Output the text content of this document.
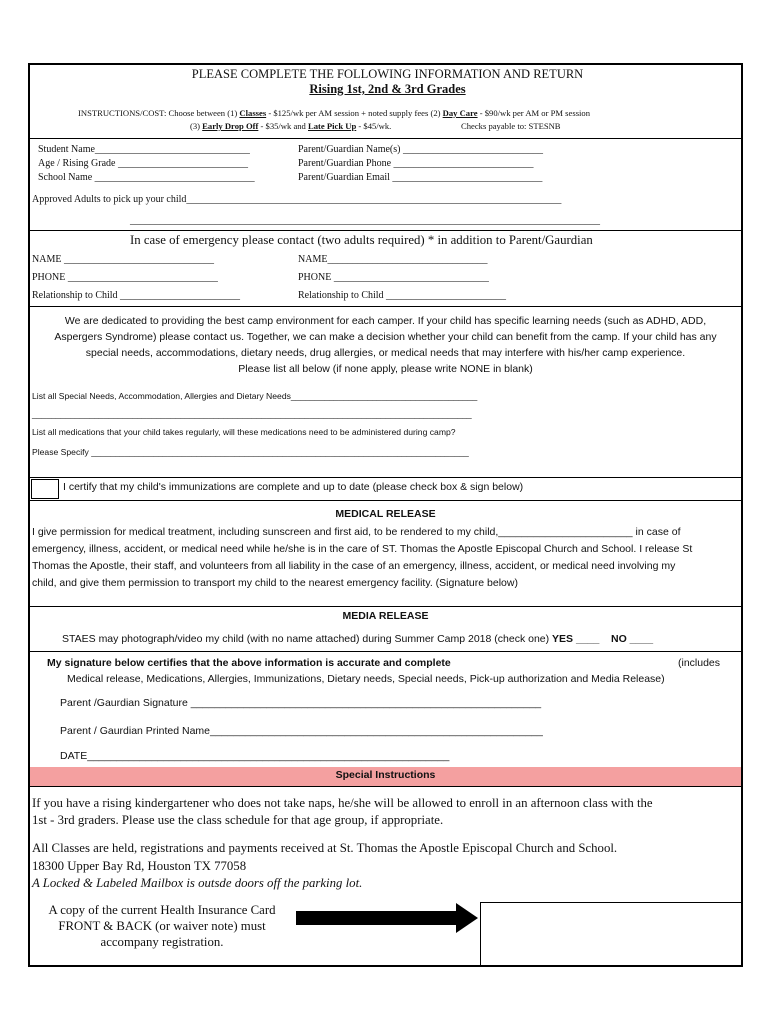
PLEASE COMPLETE THE FOLLOWING INFORMATION AND RETURN
Rising 1st, 2nd & 3rd Grades
INSTRUCTIONS/COST: Choose between (1) Classes - $125/wk per AM session + noted supply fees (2) Day Care - $90/wk per AM or PM session
(3) Early Drop Off - $35/wk and Late Pick Up - $45/wk.	Checks payable to: STESNB
Student Name_______________________________
Age / Rising Grade __________________________
School Name ________________________________
Parent/Guardian Name(s) ____________________________
Parent/Guardian Phone ____________________________
Parent/Guardian Email ______________________________
Approved Adults to pick up your child___________________________________________________________________________
______________________________________________________________________________________________
In case of emergency please contact (two adults required) * in addition to Parent/Gaurdian
NAME ______________________________
PHONE ______________________________
Relationship to Child ________________________
NAME________________________________
PHONE _______________________________
Relationship to Child ________________________
We are dedicated to providing the best camp environment for each camper. If your child has specific learning needs (such as ADHD, ADD,
Aspergers Syndrome) please contact us. Together, we can make a decision whether your child can benefit from the camp. If your child has any
special needs, accommodations, dietary needs, drug allergies, or medical needs that may interfere with his/her camp experience.
Please list all below (if none apply, please write NONE in blank)
List all Special Needs, Accommodation, Allergies and Dietary Needs_______________________________________
____________________________________________________________________________________________
List all medications that your child takes regularly, will these medications need to be administered during camp?
Please Specify _______________________________________________________________________________
I certify that my child's immunizations are complete and up to date (please check box & sign below)
MEDICAL RELEASE
I give permission for medical treatment, including sunscreen and first aid, to be rendered to my child,_______________________ in case of
emergency, illness, accident, or medical need while he/she is in the care of ST. Thomas the Apostle Episcopal Church and School. I release St
Thomas the Apostle, their staff, and volunteers from all liability in the case of an emergency, illness, accident, or medical need involving my
child, and give them permission to transport my child to the nearest emergency facility. (Signature below)
MEDIA RELEASE
STAES may photograph/video my child (with no name attached) during Summer Camp 2018 (check one) YES ____ NO ____
My signature below certifies that the above information is accurate and complete	(includes
Medical release, Medications, Allergies, Immunizations, Dietary needs, Special needs, Pick-up authorization and Media Release)
Parent /Gaurdian Signature ____________________________________________________________
Parent / Gaurdian Printed Name_________________________________________________________
DATE______________________________________________________________
Special Instructions
If you have a rising kindergartener who does not take naps, he/she will be allowed to enroll in an afternoon class with the
1st - 3rd graders. Please use the class schedule for that age group, if appropriate.
All Classes are held, registrations and payments received at St. Thomas the Apostle Episcopal Church and School.
18300 Upper Bay Rd, Houston TX 77058
A Locked & Labeled Mailbox is outsde doors off the parking lot.
A copy of the current Health Insurance Card
FRONT & BACK (or waiver note) must
accompany registration.
